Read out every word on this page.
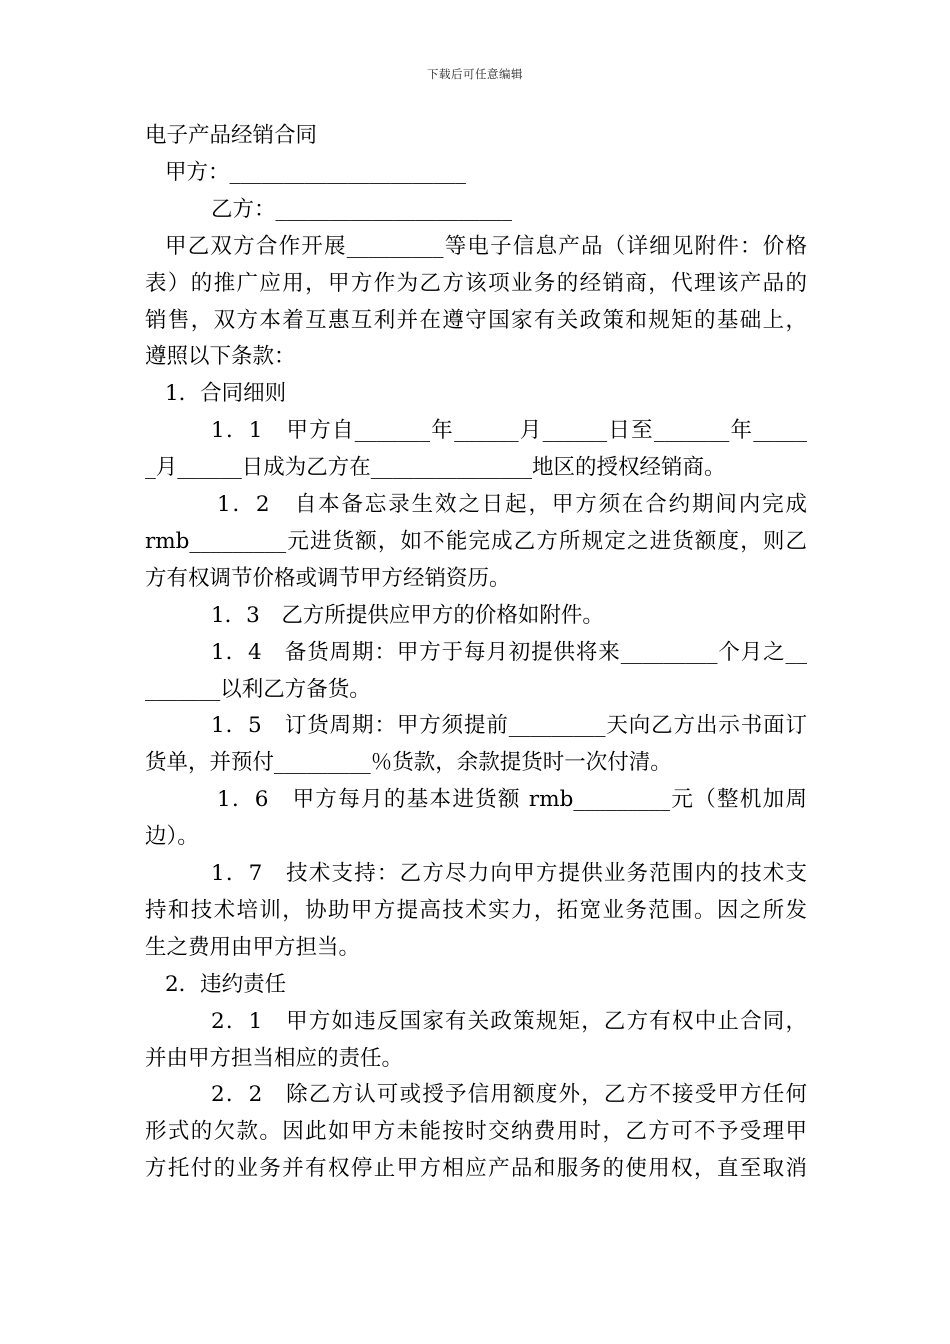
下载后可任意编辑
电子产品经销合同
甲方：______________________
乙方：______________________
甲乙双方合作开展_________等电子信息产品（详细见附件：价格
表）的推广应用，甲方作为乙方该项业务的经销商，代理该产品的
销售，双方本着互惠互利并在遵守国家有关政策和规矩的基础上，
遵照以下条款：
1．合同细则
1．1　甲方自_______年______月______日至_______年_____
_月______日成为乙方在_______________地区的授权经销商。
1．2　自本备忘录生效之日起，甲方须在合约期间内完成
rmb_________元进货额，如不能完成乙方所规定之进货额度，则乙
方有权调节价格或调节甲方经销资历。
1．3　乙方所提供应甲方的价格如附件。
1．4　备货周期：甲方于每月初提供将来_________个月之__
_______以利乙方备货。
1．5　订货周期：甲方须提前_________天向乙方出示书面订
货单，并预付_________％货款，余款提货时一次付清。
1．6　甲方每月的基本进货额 rmb_________元（整机加周
边）。
1．7　技术支持：乙方尽力向甲方提供业务范围内的技术支
持和技术培训，协助甲方提高技术实力，拓宽业务范围。因之所发
生之费用由甲方担当。
2．违约责任
2．1　甲方如违反国家有关政策规矩，乙方有权中止合同，
并由甲方担当相应的责任。
2．2　除乙方认可或授予信用额度外，乙方不接受甲方任何
形式的欠款。因此如甲方未能按时交纳费用时，乙方可不予受理甲
方托付的业务并有权停止甲方相应产品和服务的使用权，直至取消
